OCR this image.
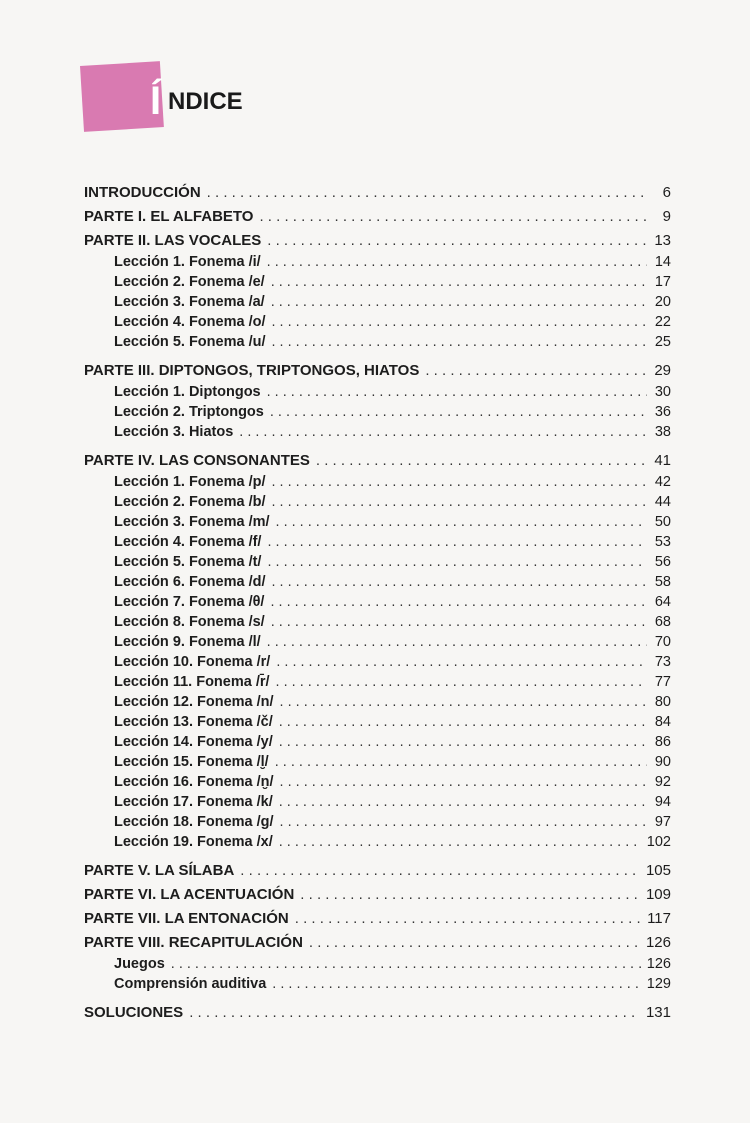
Í NDICE
INTRODUCCIÓN . . .	6
PARTE I. EL ALFABETO . . .	9
PARTE II. LAS VOCALES . . .	13
Lección 1. Fonema /i/ . . .	14
Lección 2. Fonema /e/ . . .	17
Lección 3. Fonema /a/ . . .	20
Lección 4. Fonema /o/ . . .	22
Lección 5. Fonema /u/ . . .	25
PARTE III. DIPTONGOS, TRIPTONGOS, HIATOS . . .	29
Lección 1. Diptongos . . .	30
Lección 2. Triptongos . . .	36
Lección 3. Hiatos . . .	38
PARTE IV. LAS CONSONANTES . . .	41
Lección 1. Fonema /p/ . . .	42
Lección 2. Fonema /b/ . . .	44
Lección 3. Fonema /m/ . . .	50
Lección 4. Fonema /f/ . . .	53
Lección 5. Fonema /t/ . . .	56
Lección 6. Fonema /d/ . . .	58
Lección 7. Fonema /θ/ . . .	64
Lección 8. Fonema /s/ . . .	68
Lección 9. Fonema /l/ . . .	70
Lección 10. Fonema /r/ . . .	73
Lección 11. Fonema /r̄/ . . .	77
Lección 12. Fonema /n/ . . .	80
Lección 13. Fonema /č/ . . .	84
Lección 14. Fonema /y/ . . .	86
Lección 15. Fonema /l̮/ . . .	90
Lección 16. Fonema /n̮/ . . .	92
Lección 17. Fonema /k/ . . .	94
Lección 18. Fonema /g/ . . .	97
Lección 19. Fonema /x/ . . .	102
PARTE V. LA SÍLABA . . .	105
PARTE VI. LA ACENTUACIÓN . . .	109
PARTE VII. LA ENTONACIÓN . . .	117
PARTE VIII. RECAPITULACIÓN . . .	126
Juegos . . .	126
Comprensión auditiva . . .	129
SOLUCIONES . . .	131
